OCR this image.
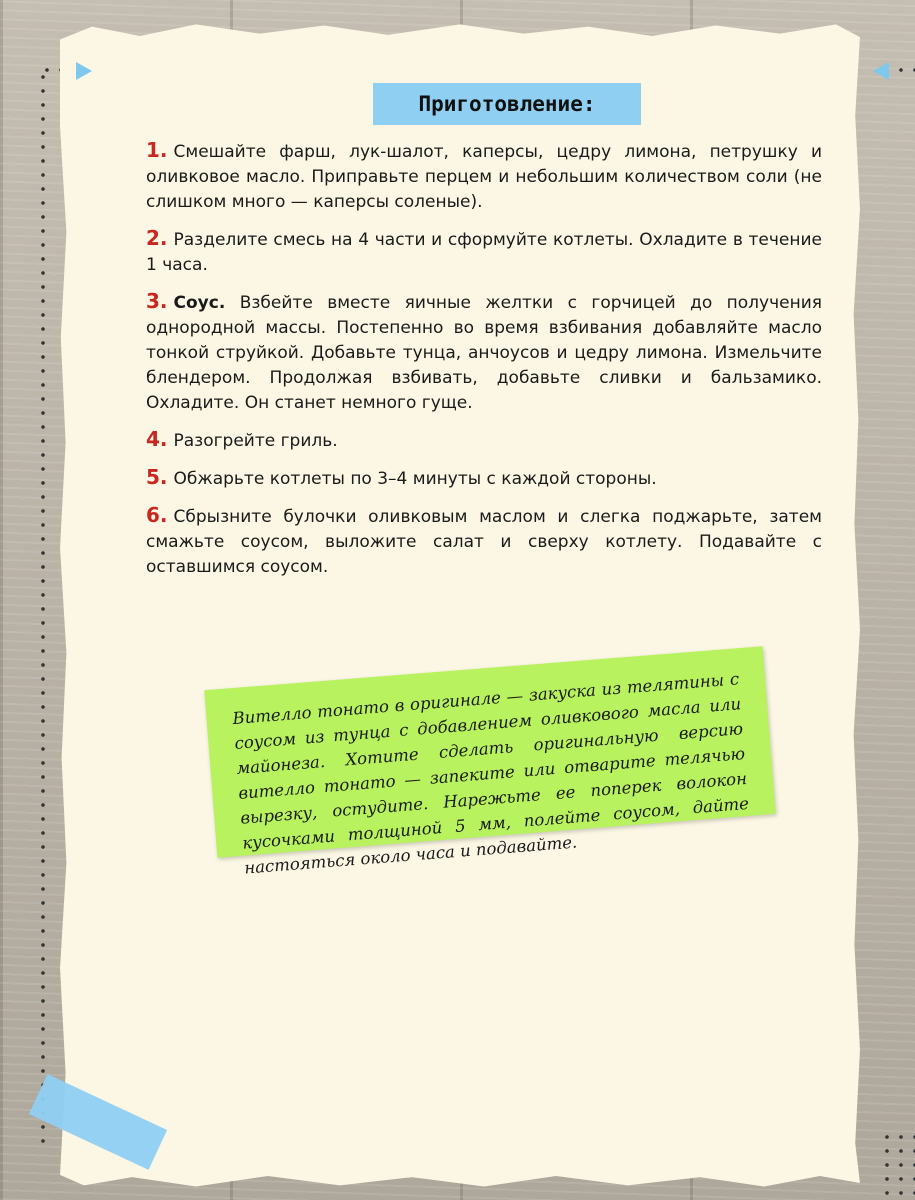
Приготовление:

1. Смешайте фарш, лук-шалот, каперсы, цедру лимона, петрушку и оливковое масло. Приправьте перцем и небольшим количеством соли (не слишком много — каперсы соленые).

2. Разделите смесь на 4 части и сформуйте котлеты. Охладите в течение 1 часа.

3. Соус. Взбейте вместе яичные желтки с горчицей до получения однородной массы. Постепенно во время взбивания добавляйте масло тонкой струйкой. Добавьте тунца, анчоусов и цедру лимона. Измельчите блендером. Продолжая взбивать, добавьте сливки и бальзамико. Охладите. Он станет немного гуще.

4. Разогрейте гриль.

5. Обжарьте котлеты по 3–4 минуты с каждой стороны.

6. Сбрызните булочки оливковым маслом и слегка поджарьте, затем смажьте соусом, выложите салат и сверху котлету. Подавайте с оставшимся соусом.

Вителло тонато в оригинале — закуска из телятины с соусом из тунца с добавлением оливкового масла или майонеза. Хотите сделать оригинальную версию вителло тонато — запеките или отварите телячью вырезку, остудите. Нарежьте ее поперек волокон кусочками толщиной 5 мм, полейте соусом, дайте настояться около часа и подавайте.
